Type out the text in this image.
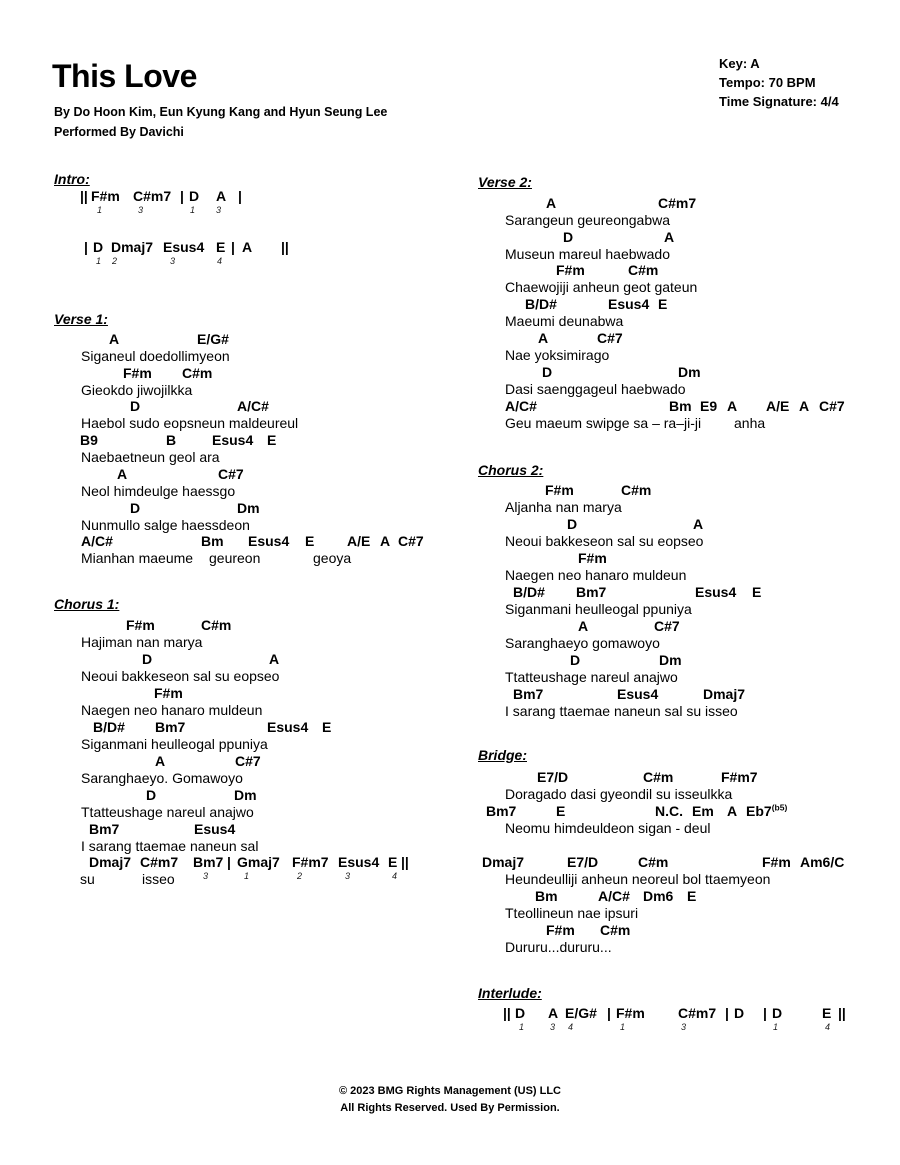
This Love
By Do Hoon Kim, Eun Kyung Kang and Hyun Seung Lee
Performed By Davichi
Key: A
Tempo: 70 BPM
Time Signature: 4/4
Intro:
|| F#m C#m7 | D A |
1	3	1 3
| D Dmaj7 Esus4 E | A ||
1 2	3	4
Verse 1:
A	E/G#
Siganeul doedollimyeon
F#m C#m
Gieokdo jiwojilkka
D	A/C#
Haebol sudo eopsneun maldeureul
B9	B	Esus4 E
Naebaetneun geol ara
A	C#7
Neol himdeulge haessgo
D	Dm
Nunmullo salge haessdeon
A/C#	Bm Esus4 E A/E A C#7
Mianhan maeume geureon	geoya
Chorus 1:
F#m	C#m
Hajiman nan marya
D	A
Neoui bakkeseon sal su eopseo
F#m
Naegen neo hanaro muldeun
B/D# Bm7	Esus4 E
Siganmani heulleogal ppuniya
A	C#7
Saranghaeyo. Gomawoyo
D	Dm
Ttatteushage nareul anajwo
Bm7	Esus4
I sarang ttaemae naneun sal
Dmaj7 C#m7 Bm7 | Gmaj7 F#m7 Esus4 E ||
su	isseo	3	1	2	3	4
Verse 2:
A	C#m7
Sarangeun geureongabwa
D	A
Museun mareul haebwado
F#m	C#m
Chaewojiji anheun geot gateun
B/D#	Esus4 E
Maeumi deunabwa
A	C#7
Nae yoksimirago
D	Dm
Dasi saenggageul haebwado
A/C#	Bm E9 A A/E A C#7
Geu maeum swipge sa – ra–ji-ji anha
Chorus 2:
F#m	C#m
Aljanha nan marya
D	A
Neoui bakkeseon sal su eopseo
F#m
Naegen neo hanaro muldeun
B/D# Bm7	Esus4 E
Siganmani heulleogal ppuniya
A	C#7
Saranghaeyo gomawoyo
D	Dm
Ttatteushage nareul anajwo
Bm7	Esus4	Dmaj7
I sarang ttaemae naneun sal su isseo
Bridge:
E7/D	C#m	F#m7
Doragado dasi gyeondil su isseulkka
Bm7	E	N.C. Em A $Eb7^{(b5)}$
Neomu himdeuldeon sigan - deul
Dmaj7	E7/D	C#m	F#m Am6/C
Heundeulliji anheun neoreul bol ttaemyeon
Bm	A/C# Dm6 E
Tteollineun nae ipsuri
F#m C#m
Dururu...dururu...
Interlude:
|| D A E/G# | F#m C#m7 | D | D	E ||
1	3 4	1	3	1	4
© 2023 BMG Rights Management (US) LLC
All Rights Reserved. Used By Permission.
